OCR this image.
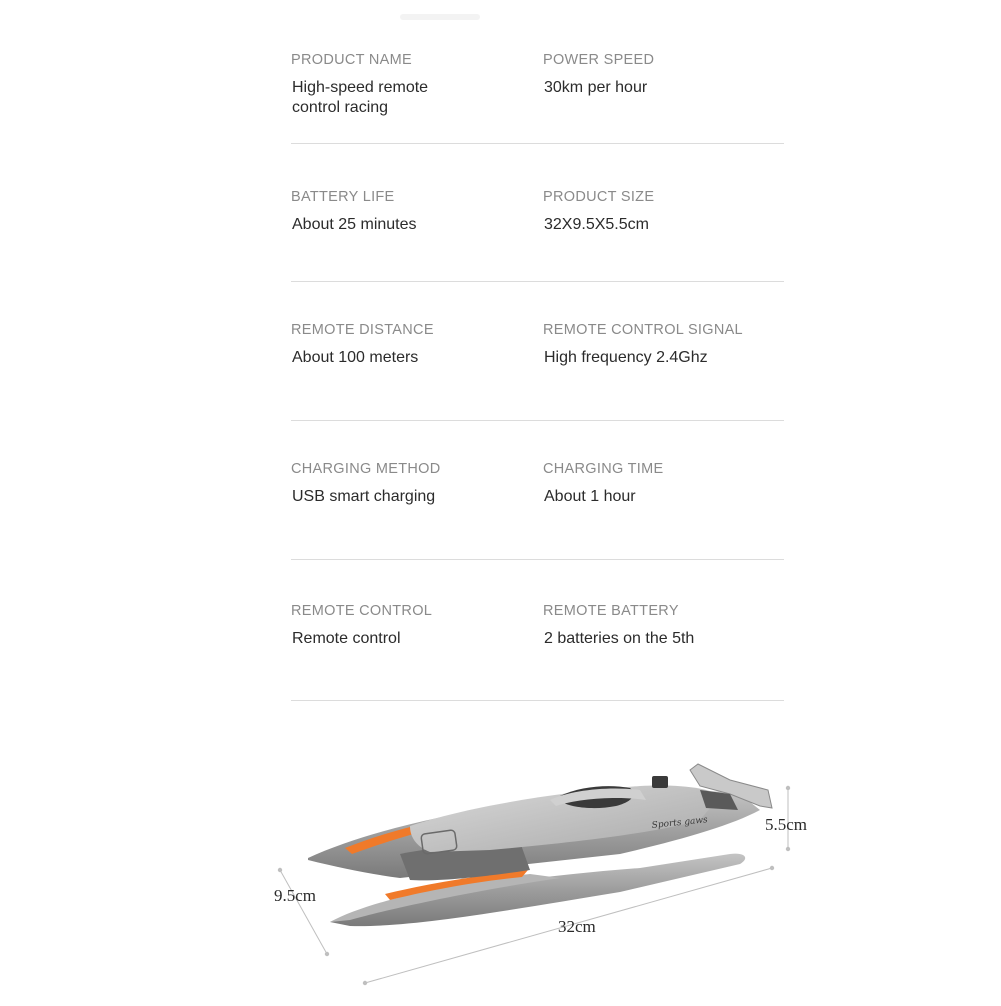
PRODUCT NAME
High-speed remote control racing
POWER SPEED
30km per hour
BATTERY LIFE
About 25 minutes
PRODUCT SIZE
32X9.5X5.5cm
REMOTE DISTANCE
About 100 meters
REMOTE CONTROL SIGNAL
High frequency 2.4Ghz
CHARGING METHOD
USB smart charging
CHARGING TIME
About 1 hour
REMOTE CONTROL
Remote control
REMOTE BATTERY
2 batteries on the 5th
Sports gaws	5.5cm
9.5cm
32cm
